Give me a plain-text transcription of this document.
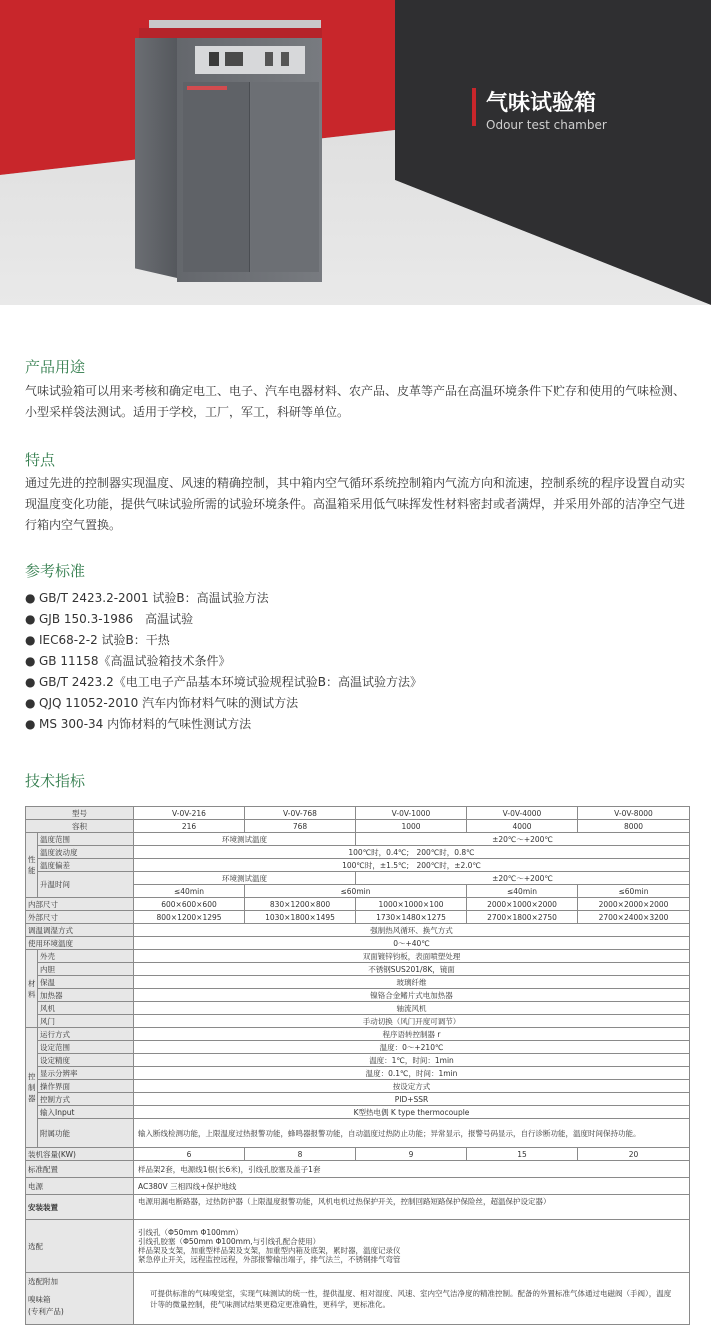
气味试验箱
Odour test chamber
产品用途

气味试验箱可以用来考核和确定电工、电子、汽车电器材料、农产品、皮革等产品在高温环境条件下贮存和使用的气味检测、小型采样袋法测试。适用于学校，工厂，军工，科研等单位。

特点

通过先进的控制器实现温度、风速的精确控制，其中箱内空气循环系统控制箱内气流方向和流速，控制系统的程序设置自动实现温度变化功能，提供气味试验所需的试验环境条件。高温箱采用低气味挥发性材料密封或者满焊，并采用外部的洁净空气进行箱内空气置换。

参考标准
● GB/T 2423.2-2001 试验B：高温试验方法
● GJB 150.3-1986　高温试验
● IEC68-2-2 试验B：干热
● GB 11158《高温试验箱技术条件》
● GB/T 2423.2《电工电子产品基本环境试验规程试验B：高温试验方法》
● QJQ 11052-2010 汽车内饰材料气味的测试方法
● MS 300-34 内饰材料的气味性测试方法
技术指标
型号		V-0V-216	V-0V-768	V-0V-1000	V-0V-4000	V-0V-8000
容积		216	768	1000	4000	8000
性能	温度范围	环境测试温度		±20℃～+200℃		
	温度波动度	100℃时，0.4℃;　200℃时，0.8℃				
	温度偏差	100℃时，±1.5℃;　200℃时，±2.0℃				
	升温时间	环境测试温度		±20℃～+200℃		
		≤40min	≤60min		≤40min	≤60min
内部尺寸		600×600×600	830×1200×800	1000×1000×100	2000×1000×2000	2000×2000×2000
外部尺寸		800×1200×1295	1030×1800×1495	1730×1480×1275	2700×1800×2750	2700×2400×3200
调温调湿方式		强制热风循环、换气方式				
使用环境温度		0～+40℃				
材料	外壳	双面镀锌钧板，表面喷塑处理				
	内胆	不锈钢SUS201/8K，镜面				
	保温	玻璃纤维				
	加热器	镍铬合金鳍片式电加热器				
	风机	轴流风机				
	风门	手动切换（风门开度可调节）				
控制器	运行方式	程序语转控制器 r				
	设定范围	温度：0～+210℃				
	设定精度	温度：1℃，时间：1min				
	显示分辨率	温度：0.1℃，时间：1min				
	操作界面	按设定方式				
	控制方式	PID+SSR				
	输入Input	K型热电偶 K type thermocouple				
	附属功能	输入断线检测功能，上限温度过热报警功能，蜂鸣器报警功能，自动温度过热防止功能；异常显示，报警号码显示，自行诊断功能，温度时间保持功能。				

装机容量(KW)		6	8	9	15	20
标准配置		样品架2套，电源线1根(长6米)，引线孔胶塞及盖子1套				
电源		AC380V 三相四线+保护地线				
安装装置		电源用漏电断路器，过热防护器（上限温度报警功能，风机电机过热保护开关，控制回路短路保护保险丝，超温保护设定器）				
选配		引线孔（Φ50mm Φ100mm）
引线孔胶塞（Φ50mm Φ100mm,与引线孔配合使用）
样品架及支架，加重型样品架及支架，加重型内箱及底架，累时器，温度记录仪
紧急停止开关，远程监控远程，外部报警输出端子，排气法兰，不锈钢排气弯管				

选配附加
嗅味箱
(专利产品)		可提供标准的气味嗅觉室，实现气味测试的统一性，提供温度、相对湿度、风速、室内空气洁净度的精准控制。配备的外置标准气体通过电磁阀（手阀），温度计等的微量控制，使气味测试结果更稳定更准确性，更科学，更标准化。				
